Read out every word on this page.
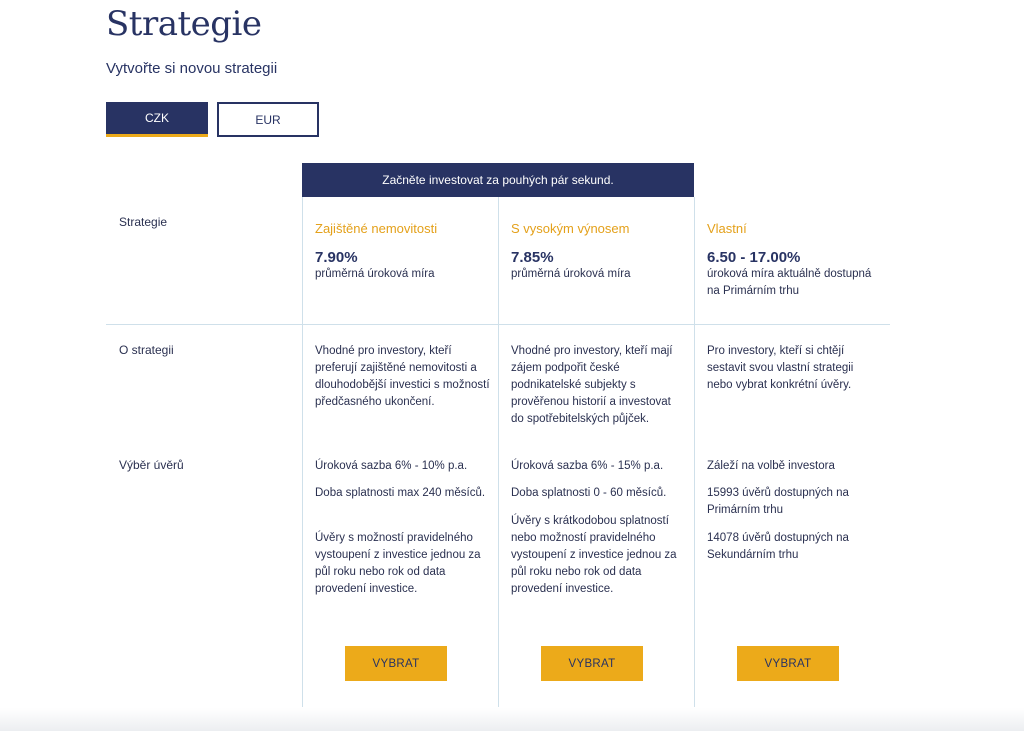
Strategie

Vytvořte si novou strategii

CZK	EUR
Začněte investovat za pouhých pár sekund.
Strategie
O strategii
Výběr úvěrů
Zajištěné nemovitosti
7.90%
průměrná úroková míra
Vhodné pro investory, kteří preferují zajištěné nemovitosti a dlouhodobější investici s možností předčasného ukončení.

Úroková sazba 6% - 10% p.a.

Doba splatnosti max 240 měsíců.

Úvěry s možností pravidelného vystoupení z investice jednou za půl roku nebo rok od data provedení investice.

VYBRAT
S vysokým výnosem
7.85%
průměrná úroková míra
Vhodné pro investory, kteří mají zájem podpořit české podnikatelské subjekty s prověřenou historií a investovat do spotřebitelských půjček.

Úroková sazba 6% - 15% p.a.

Doba splatnosti 0 - 60 měsíců.

Úvěry s krátkodobou splatností nebo možností pravidelného vystoupení z investice jednou za půl roku nebo rok od data provedení investice.

VYBRAT
Vlastní
6.50 - 17.00%
úroková míra aktuálně dostupná na Primárním trhu
Pro investory, kteří si chtějí sestavit svou vlastní strategii nebo vybrat konkrétní úvěry.

Záleží na volbě investora

15993 úvěrů dostupných na Primárním trhu

14078 úvěrů dostupných na Sekundárním trhu

VYBRAT
